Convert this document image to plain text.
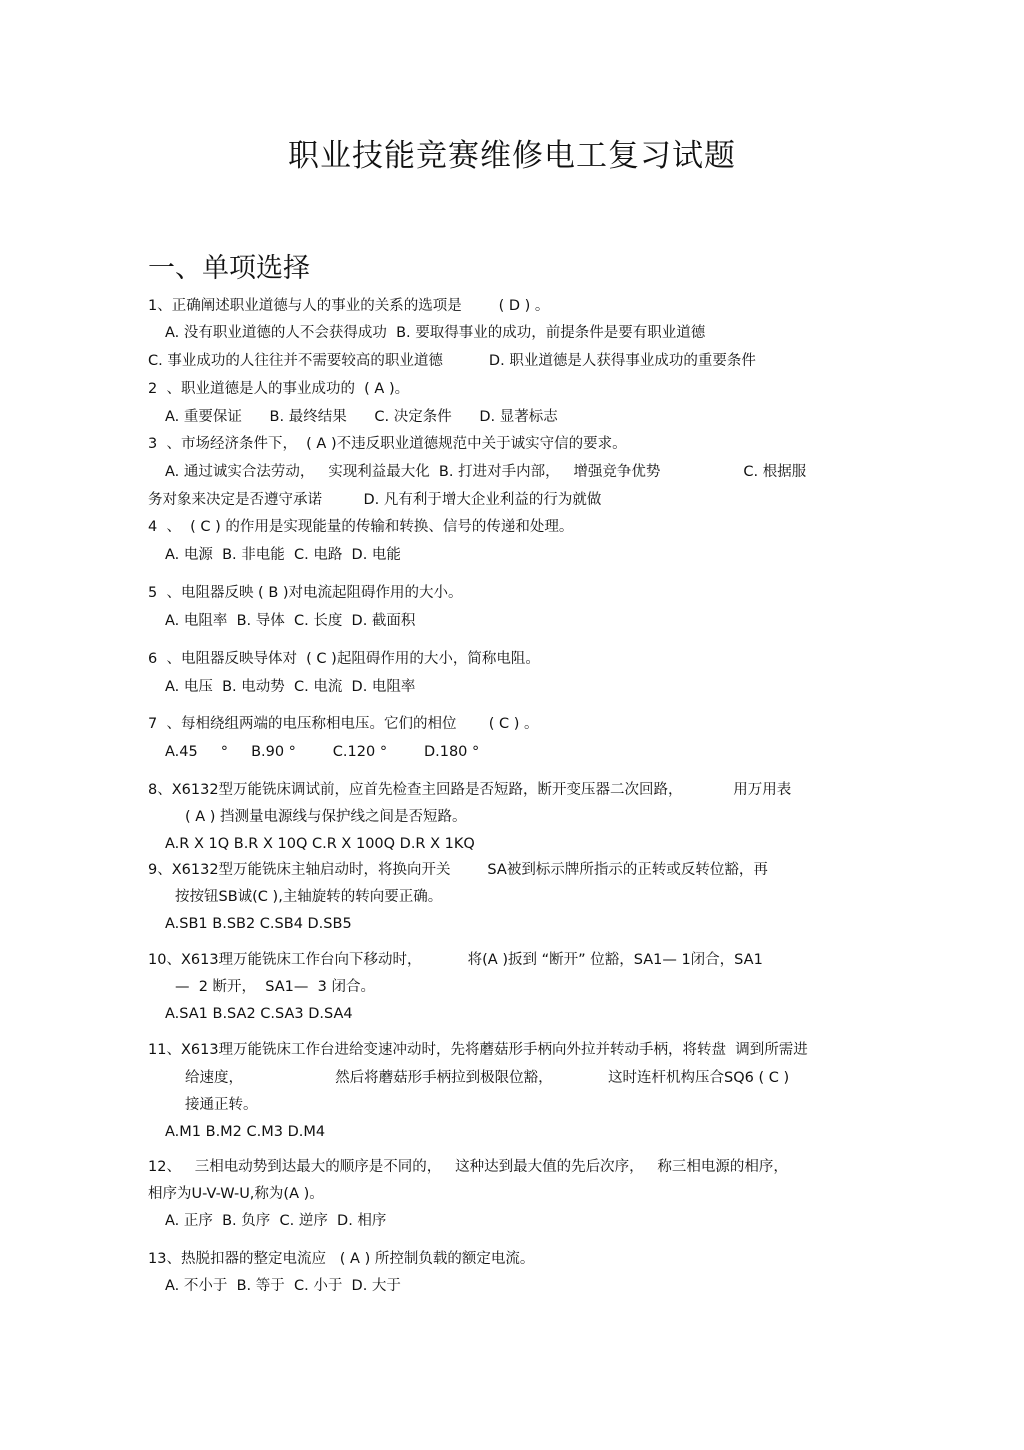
职业技能竞赛维修电工复习试题
一、单项选择
1、正确阐述职业道德与人的事业的关系的选项是        ( D ) 。
A. 没有职业道德的人不会获得成功  B. 要取得事业的成功，前提条件是要有职业道德
C. 事业成功的人往往并不需要较高的职业道德          D. 职业道德是人获得事业成功的重要条件
2  、职业道德是人的事业成功的  ( A )。
A. 重要保证      B. 最终结果      C. 决定条件      D. 显著标志
3  、市场经济条件下，  ( A )不违反职业道德规范中关于诚实守信的要求。
A. 通过诚实合法劳动，   实现利益最大化  B. 打进对手内部，   增强竞争优势                  C. 根据服
务对象来决定是否遵守承诺         D. 凡有利于增大企业利益的行为就做
4  、  ( C ) 的作用是实现能量的传输和转换、信号的传递和处理。
A. 电源  B. 非电能  C. 电路  D. 电能
5  、电阻器反映 ( B )对电流起阻碍作用的大小。
A. 电阻率  B. 导体  C. 长度  D. 截面积
6  、电阻器反映导体对  ( C )起阻碍作用的大小，简称电阻。
A. 电压  B. 电动势  C. 电流  D. 电阻率
7  、每相绕组两端的电压称相电压。它们的相位       ( C ) 。
A.45     °     B.90 °        C.120 °        D.180 °
8、X6132型万能铣床调试前，应首先检查主回路是否短路，断开变压器二次回路，           用万用表
( A ) 挡测量电源线与保护线之间是否短路。
A.R X 1Q B.R X 10Q C.R X 100Q D.R X 1KQ
9、X6132型万能铣床主轴启动时，将换向开关        SA被到标示牌所指示的正转或反转位豁，再
按按钮SB诚(C ),主轴旋转的转向要正确。
A.SB1 B.SB2 C.SB4 D.SB5
10、X613理万能铣床工作台向下移动时，          将(A )扳到 “断开” 位豁，SA1— 1闭合，SA1
—  2 断开，  SA1—  3 闭合。
A.SA1 B.SA2 C.SA3 D.SA4
11、X613理万能铣床工作台进给变速冲动时，先将蘑菇形手柄向外拉并转动手柄，将转盘  调到所需进
给速度，                    然后将蘑菇形手柄拉到极限位豁，            这时连杆机构压合SQ6 ( C )
接通正转。
A.M1 B.M2 C.M3 D.M4
12、   三相电动势到达最大的顺序是不同的，   这种达到最大值的先后次序，   称三相电源的相序，
相序为U-V-W-U,称为(A )。
A. 正序  B. 负序  C. 逆序  D. 相序
13、热脱扣器的整定电流应   ( A ) 所控制负载的额定电流。
A. 不小于  B. 等于  C. 小于  D. 大于
